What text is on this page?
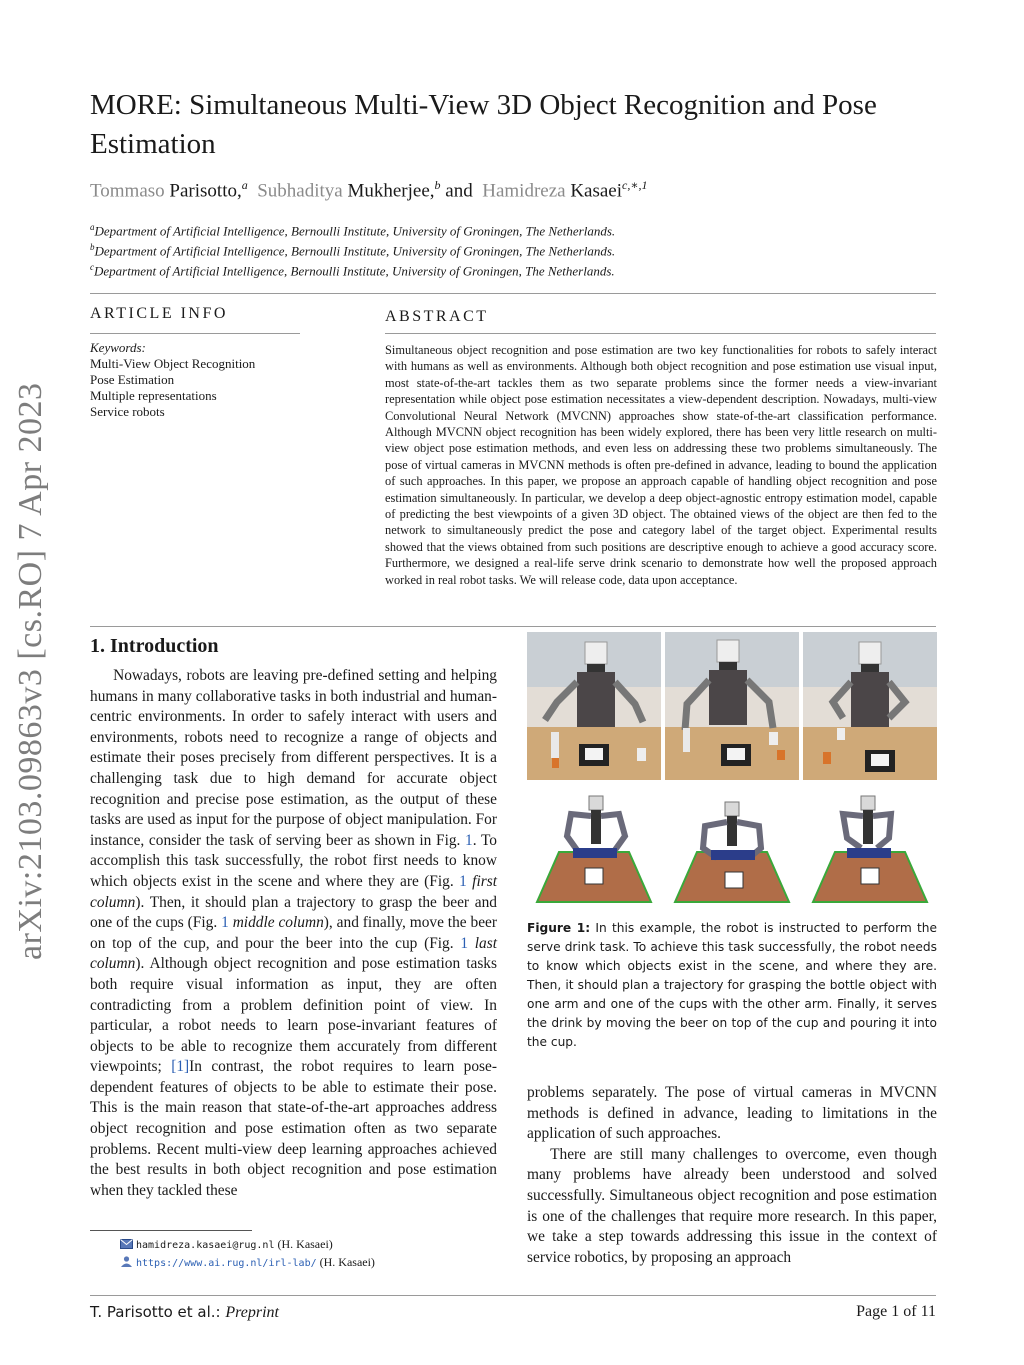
arXiv:2103.09863v3 [cs.RO] 7 Apr 2023
MORE: Simultaneous Multi-View 3D Object Recognition and Pose Estimation
Tommaso Parisotto,$^a$ Subhaditya Mukherjee,$^b$ and Hamidreza Kasaei$^{c,∗,1}$
$^a$Department of Artificial Intelligence, Bernoulli Institute, University of Groningen, The Netherlands.
$^b$Department of Artificial Intelligence, Bernoulli Institute, University of Groningen, The Netherlands.
$^c$Department of Artificial Intelligence, Bernoulli Institute, University of Groningen, The Netherlands.
ARTICLE INFO
Keywords:
Multi-View Object Recognition
Pose Estimation
Multiple representations
Service robots
ABSTRACT
Simultaneous object recognition and pose estimation are two key functionalities for robots to safely interact with humans as well as environments. Although both object recognition and pose estimation use visual input, most state-of-the-art tackles them as two separate problems since the former needs a view-invariant representation while object pose estimation necessitates a view-dependent description. Nowadays, multi-view Convolutional Neural Network (MVCNN) approaches show state-of-the-art classification performance. Although MVCNN object recognition has been widely explored, there has been very little research on multi-view object pose estimation methods, and even less on addressing these two problems simultaneously. The pose of virtual cameras in MVCNN methods is often pre-defined in advance, leading to bound the application of such approaches. In this paper, we propose an approach capable of handling object recognition and pose estimation simultaneously. In particular, we develop a deep object-agnostic entropy estimation model, capable of predicting the best viewpoints of a given 3D object. The obtained views of the object are then fed to the network to simultaneously predict the pose and category label of the target object. Experimental results showed that the views obtained from such positions are descriptive enough to achieve a good accuracy score. Furthermore, we designed a real-life serve drink scenario to demonstrate how well the proposed approach worked in real robot tasks. We will release code, data upon acceptance.
1. Introduction

Nowadays, robots are leaving pre-defined setting and helping humans in many collaborative tasks in both industrial and human-centric environments. In order to safely interact with users and environments, robots need to recognize a range of objects and estimate their poses precisely from different perspectives. It is a challenging task due to high demand for accurate object recognition and precise pose estimation, as the output of these tasks are used as input for the purpose of object manipulation. For instance, consider the task of serving beer as shown in Fig. 1. To accomplish this task successfully, the robot first needs to know which objects exist in the scene and where they are (Fig. 1 first column). Then, it should plan a trajectory to grasp the beer and one of the cups (Fig. 1 middle column), and finally, move the beer on top of the cup, and pour the beer into the cup (Fig. 1 last column). Although object recognition and pose estimation tasks both require visual information as input, they are often contradicting from a problem definition point of view. In particular, a robot needs to learn pose-invariant features of objects to be able to recognize them accurately from different viewpoints; [1]In contrast, the robot requires to learn pose-dependent features of objects to be able to estimate their pose. This is the main reason that state-of-the-art approaches address object recognition and pose estimation often as two separate problems. Recent multi-view deep learning approaches achieved the best results in both object recognition and pose estimation when they tackled these

Figure 1: In this example, the robot is instructed to perform the serve drink task. To achieve this task successfully, the robot needs to know which objects exist in the scene, and where they are. Then, it should plan a trajectory for grasping the bottle object with one arm and one of the cups with the other arm. Finally, it serves the drink by moving the beer on top of the cup and pouring it into the cup.

problems separately. The pose of virtual cameras in MVCNN methods is defined in advance, leading to limitations in the application of such approaches.

There are still many challenges to overcome, even though many problems have already been understood and solved successfully. Simultaneous object recognition and pose estimation is one of the challenges that require more research. In this paper, we take a step towards addressing this issue in the context of service robotics, by proposing an approach

hamidreza.kasaei@rug.nl (H. Kasaei)
https://www.ai.rug.nl/irl-lab/ (H. Kasaei)
T. Parisotto et al.: Preprint	Page 1 of 11
